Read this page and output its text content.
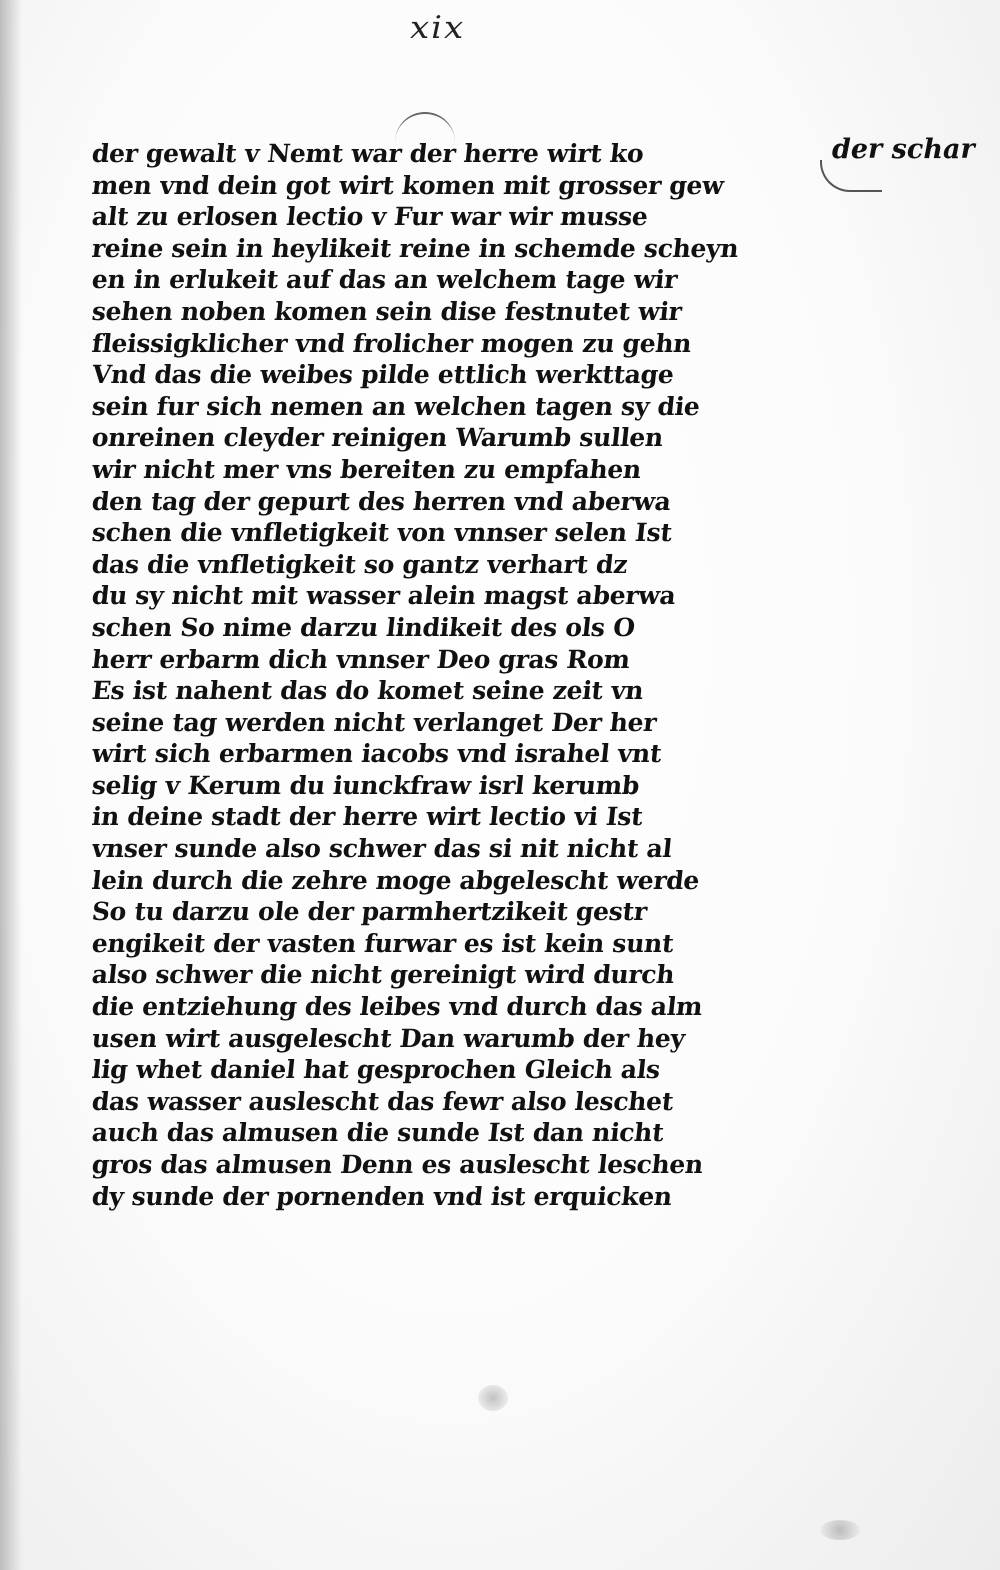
xix
der schar
der gewalt v Nemt war der herre wirt ko
men vnd dein got wirt komen mit grosser gew
alt zu erlosen lectio v Fur war wir musse
reine sein in heylikeit reine in schemde scheyn
en in erlukeit auf das an welchem tage wir
sehen noben komen sein dise festnutet wir
fleissigklicher vnd frolicher mogen zu gehn
Vnd das die weibes pilde ettlich werkttage
sein fur sich nemen an welchen tagen sy die
onreinen cleyder reinigen Warumb sullen
wir nicht mer vns bereiten zu empfahen
den tag der gepurt des herren vnd aberwa
schen die vnfletigkeit von vnnser selen Ist
das die vnfletigkeit so gantz verhart dz
du sy nicht mit wasser alein magst aberwa
schen So nime darzu lindikeit des ols O
herr erbarm dich vnnser Deo gras Rom
Es ist nahent das do komet seine zeit vn
seine tag werden nicht verlanget Der her
wirt sich erbarmen iacobs vnd israhel vnt
selig v Kerum du iunckfraw isrl kerumb
in deine stadt der herre wirt lectio vi Ist
vnser sunde also schwer das si nit nicht al
lein durch die zehre moge abgelescht werde
So tu darzu ole der parmhertzikeit gestr
engikeit der vasten furwar es ist kein sunt
also schwer die nicht gereinigt wird durch
die entziehung des leibes vnd durch das alm
usen wirt ausgelescht Dan warumb der hey
lig whet daniel hat gesprochen Gleich als
das wasser auslescht das fewr also leschet
auch das almusen die sunde Ist dan nicht
gros das almusen Denn es auslescht leschen
dy sunde der pornenden vnd ist erquicken
